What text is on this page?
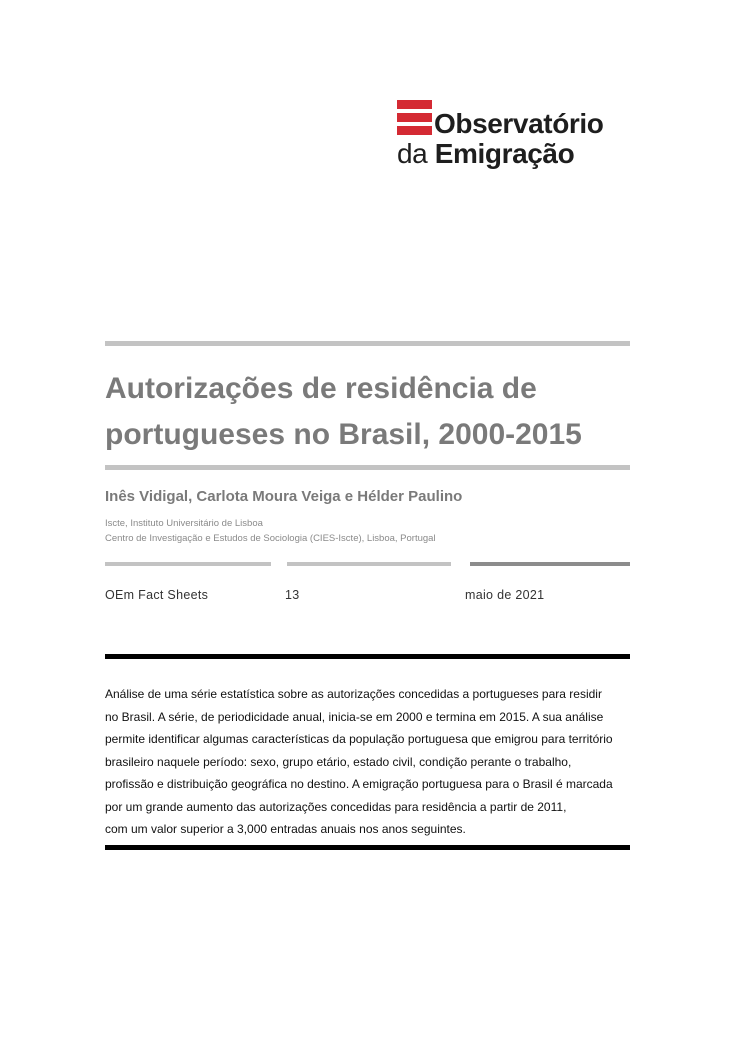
Observatório
da Emigração
Autorizações de residência de portugueses no Brasil, 2000-2015
Inês Vidigal, Carlota Moura Veiga e Hélder Paulino
Iscte, Instituto Universitário de Lisboa
Centro de Investigação e Estudos de Sociologia (CIES-Iscte), Lisboa, Portugal
OEm Fact Sheets	13	maio de 2021

Análise de uma série estatística sobre as autorizações concedidas a portugueses para residir
no Brasil. A série, de periodicidade anual, inicia-se em 2000 e termina em 2015. A sua análise
permite identificar algumas características da população portuguesa que emigrou para território
brasileiro naquele período: sexo, grupo etário, estado civil, condição perante o trabalho,
profissão e distribuição geográfica no destino. A emigração portuguesa para o Brasil é marcada
por um grande aumento das autorizações concedidas para residência a partir de 2011,
com um valor superior a 3,000 entradas anuais nos anos seguintes.
